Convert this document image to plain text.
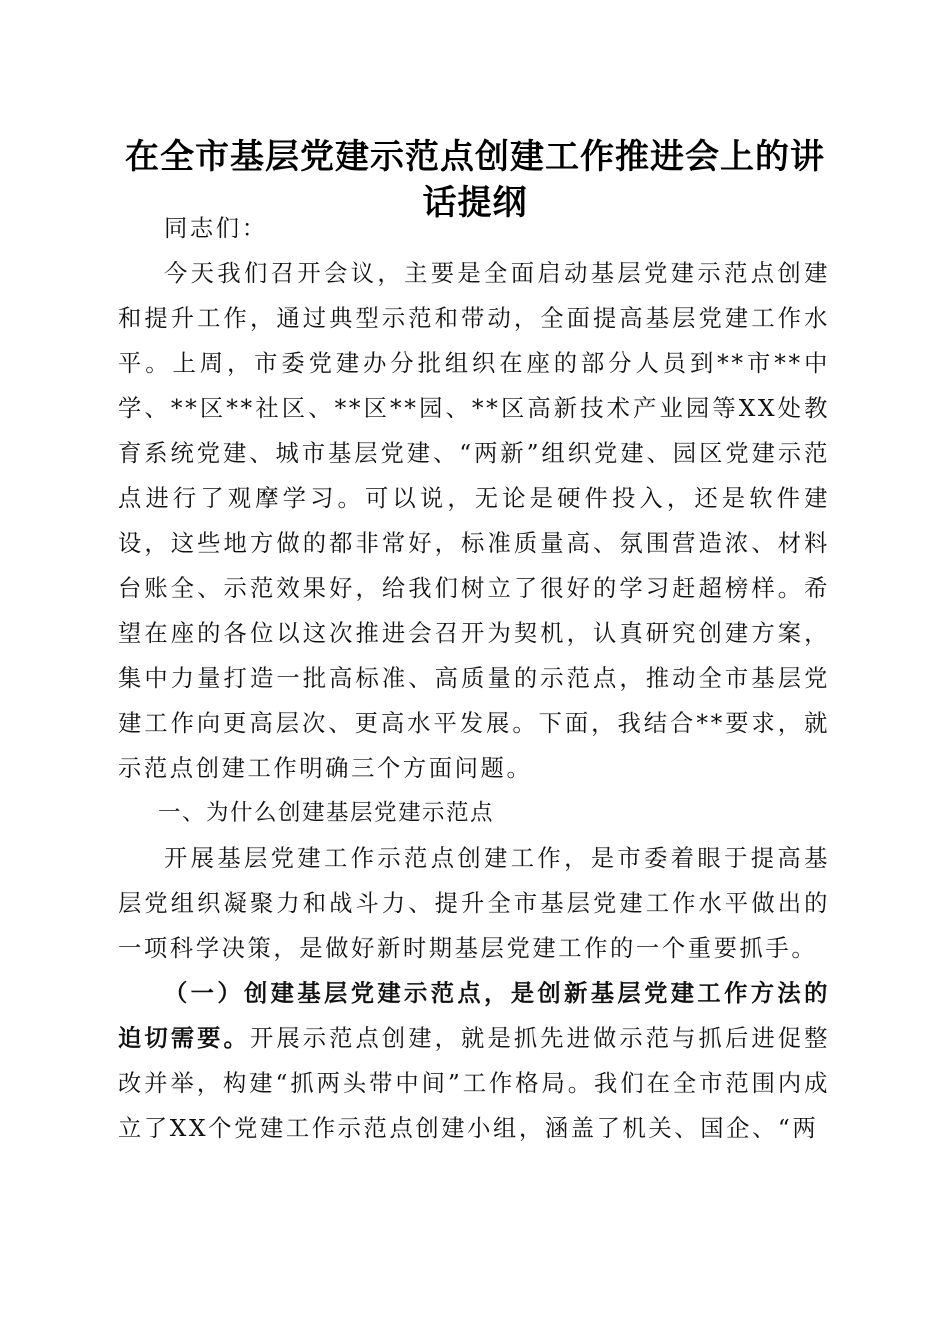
在全市基层党建示范点创建工作推进会上的讲话提纲

同志们：

今天我们召开会议，主要是全面启动基层党建示范点创建和提升工作，通过典型示范和带动，全面提高基层党建工作水平。上周，市委党建办分批组织在座的部分人员到**市**中学、**区**社区、**区**园、**区高新技术产业园等XX处教育系统党建、城市基层党建、“两新”组织党建、园区党建示范点进行了观摩学习。可以说，无论是硬件投入，还是软件建设，这些地方做的都非常好，标准质量高、氛围营造浓、材料台账全、示范效果好，给我们树立了很好的学习赶超榜样。希望在座的各位以这次推进会召开为契机，认真研究创建方案，集中力量打造一批高标准、高质量的示范点，推动全市基层党建工作向更高层次、更高水平发展。下面，我结合**要求，就示范点创建工作明确三个方面问题。

一、为什么创建基层党建示范点

开展基层党建工作示范点创建工作，是市委着眼于提高基层党组织凝聚力和战斗力、提升全市基层党建工作水平做出的一项科学决策，是做好新时期基层党建工作的一个重要抓手。

（一）创建基层党建示范点，是创新基层党建工作方法的迫切需要。开展示范点创建，就是抓先进做示范与抓后进促整改并举，构建“抓两头带中间”工作格局。我们在全市范围内成立了XX个党建工作示范点创建小组，涵盖了机关、国企、“两
